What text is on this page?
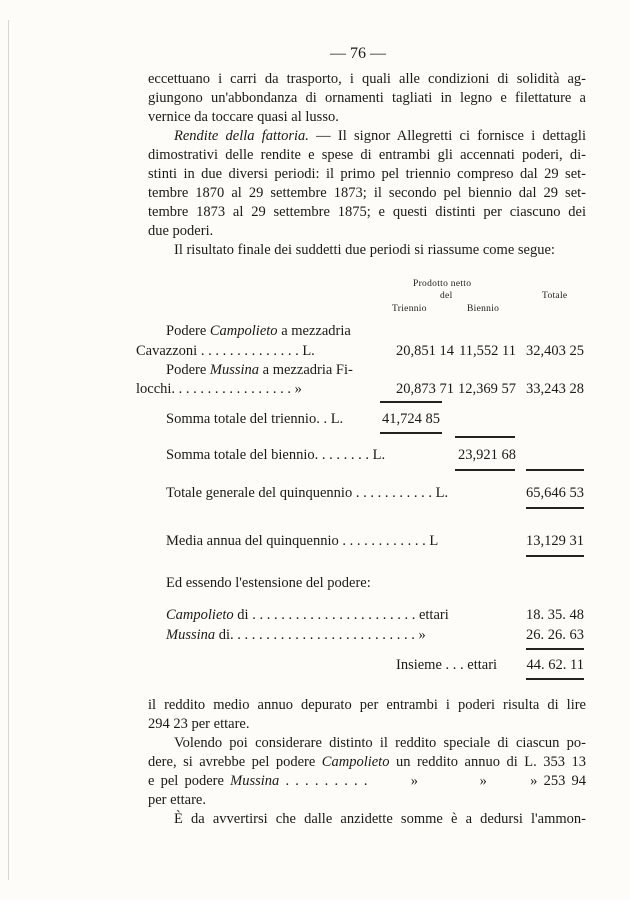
— 76 —
eccettuano i carri da trasporto, i quali alle condizioni di solidità ag-
giungono un'abbondanza di ornamenti tagliati in legno e filettature a
vernice da toccare quasi al lusso.
Rendite della fattoria. — Il signor Allegretti ci fornisce i dettagli
dimostrativi delle rendite e spese di entrambi gli accennati poderi, di-
stinti in due diversi periodi: il primo pel triennio compreso dal 29 set-
tembre 1870 al 29 settembre 1873; il secondo pel biennio dal 29 set-
tembre 1873 al 29 settembre 1875; e questi distinti per ciascuno dei
due poderi.
Il risultato finale dei suddetti due periodi si riassume come segue:
Prodotto netto
del
Triennio	Biennio
Totale
Podere Campolieto a mezzadria
Cavazzoni . . . . . . . . . . . . . . L.	20,851 14 11,552 11 32,403 25
Podere Mussina a mezzadria Fi-
locchi. . . . . . . . . . . . . . . . . »	20,873 71 12,369 57 33,243 28
Somma totale del triennio. . L.	41,724 85
Somma totale del biennio. . . . . . . . L.	23,921 68
Totale generale del quinquennio . . . . . . . . . . . L.	65,646 53
Media annua del quinquennio . . . . . . . . . . . . L	13,129 31
Ed essendo l'estensione del podere:
Campolieto di . . . . . . . . . . . . . . . . . . . . . . . ettari	18. 35. 48
Mussina di. . . . . . . . . . . . . . . . . . . . . . . . . . »	26. 26. 63
Insieme . . . ettari	44. 62. 11
il reddito medio annuo depurato per entrambi i poderi risulta di lire
294 23 per ettare.
Volendo poi considerare distinto il reddito speciale di ciascun po-
dere, si avrebbe pel podere Campolieto un reddito annuo di L. 353 13
e pel podere Mussina . . . . . . . . .       »          »       » 253 94
per ettare.
È da avvertirsi che dalle anzidette somme è a dedursi l'ammon-
